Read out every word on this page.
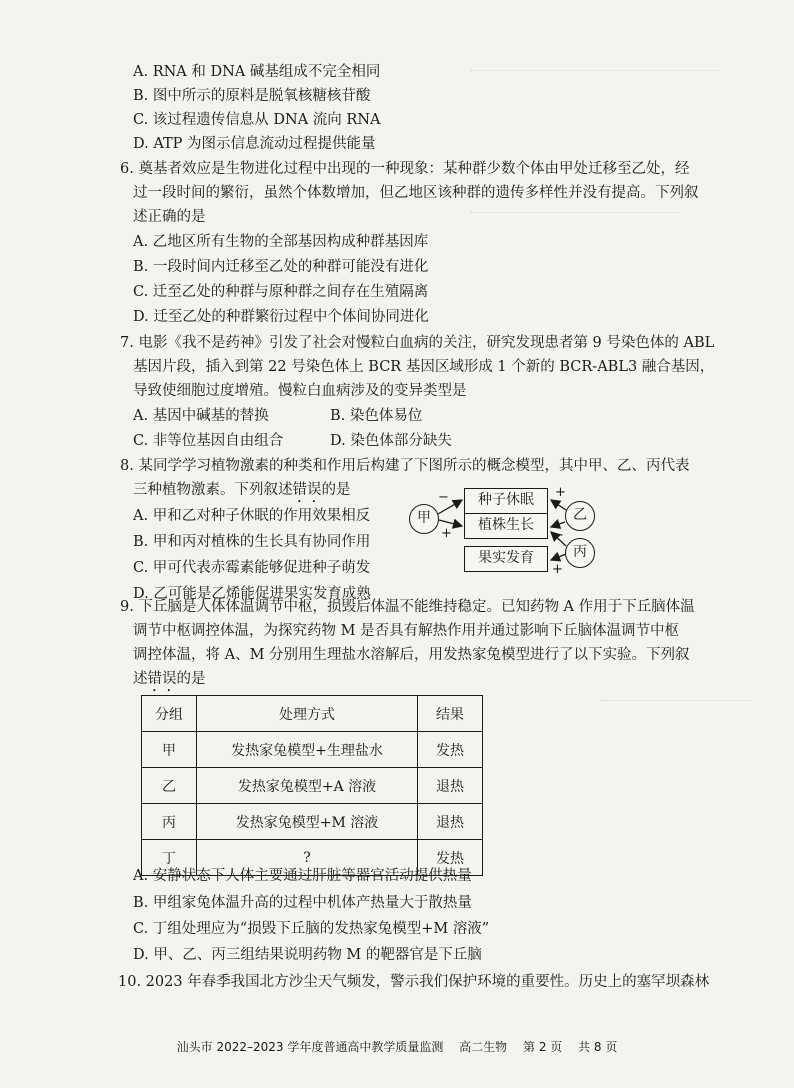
A. RNA 和 DNA 碱基组成不完全相同
B. 图中所示的原料是脱氧核糖核苷酸
C. 该过程遗传信息从 DNA 流向 RNA
D. ATP 为图示信息流动过程提供能量
6. 奠基者效应是生物进化过程中出现的一种现象：某种群少数个体由甲处迁移至乙处，经
过一段时间的繁衍，虽然个体数增加，但乙地区该种群的遗传多样性并没有提高。下列叙
述正确的是
A. 乙地区所有生物的全部基因构成种群基因库
B. 一段时间内迁移至乙处的种群可能没有进化
C. 迁至乙处的种群与原种群之间存在生殖隔离
D. 迁至乙处的种群繁衍过程中个体间协同进化
7. 电影《我不是药神》引发了社会对慢粒白血病的关注，研究发现患者第 9 号染色体的 ABL
基因片段，插入到第 22 号染色体上 BCR 基因区域形成 1 个新的 BCR-ABL3 融合基因，
导致使细胞过度增殖。慢粒白血病涉及的变异类型是
A. 基因中碱基的替换	B. 染色体易位
C. 非等位基因自由组合	D. 染色体部分缺失
8. 某同学学习植物激素的种类和作用后构建了下图所示的概念模型，其中甲、乙、丙代表
三种植物激素。下列叙述错误的是
A. 甲和乙对种子休眠的作用效果相反
B. 甲和丙对植株的生长具有协同作用
C. 甲可代表赤霉素能够促进种子萌发
D. 乙可能是乙烯能促进果实发育成熟
种子休眠
植株生长
果实发育
甲	乙
丙
−
+
+
−
+
9. 下丘脑是人体体温调节中枢，损毁后体温不能维持稳定。已知药物 A 作用于下丘脑体温
调节中枢调控体温，为探究药物 M 是否具有解热作用并通过影响下丘脑体温调节中枢
调控体温，将 A、M 分别用生理盐水溶解后，用发热家兔模型进行了以下实验。下列叙
述错误的是
分组	处理方式	结果
甲	发热家兔模型+生理盐水	发热
乙	发热家兔模型+A 溶液	退热
丙	发热家兔模型+M 溶液	退热
丁	?	发热
A. 安静状态下人体主要通过肝脏等器官活动提供热量
B. 甲组家兔体温升高的过程中机体产热量大于散热量
C. 丁组处理应为“损毁下丘脑的发热家兔模型+M 溶液”
D. 甲、乙、丙三组结果说明药物 M 的靶器官是下丘脑
10. 2023 年春季我国北方沙尘天气频发，警示我们保护环境的重要性。历史上的塞罕坝森林
汕头市 2022–2023 学年度普通高中教学质量监测 高二生物 第 2 页 共 8 页
